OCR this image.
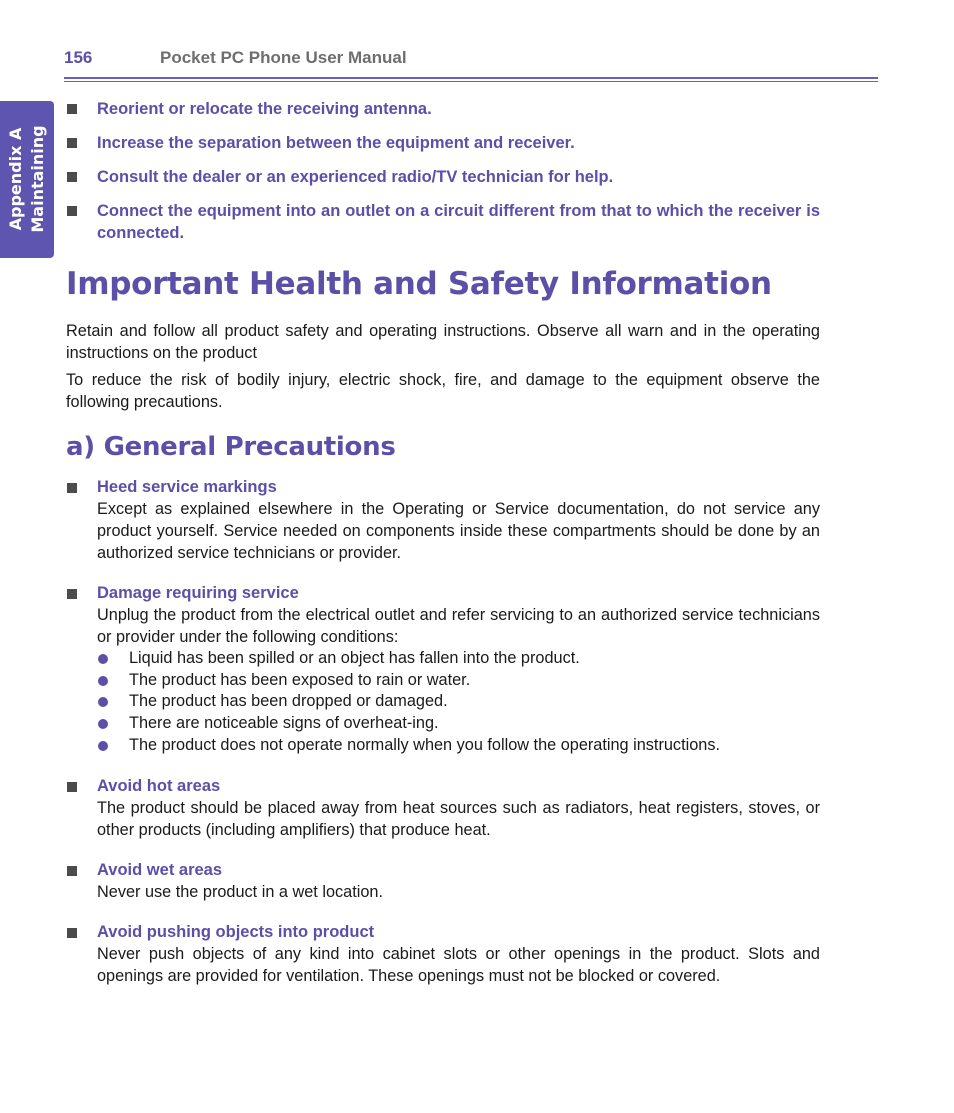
156	Pocket PC Phone User Manual
Appendix A Maintaining
Reorient or relocate the receiving antenna.
Increase the separation between the equipment and receiver.
Consult the dealer or an experienced radio/TV technician for help.
Connect the equipment into an outlet on a circuit different from that to which the receiver is connected.
Important Health and Safety Information

Retain and follow all product safety and operating instructions. Observe all warn and in the operating instructions on the product

To reduce the risk of bodily injury, electric shock, fire, and damage to the equipment observe the following precautions.

a) General Precautions
Heed service markings
Except as explained elsewhere in the Operating or Service documentation, do not service any product yourself. Service needed on components inside these compartments should be done by an authorized service technicians or provider.
Damage requiring service
Unplug the product from the electrical outlet and refer servicing to an authorized service technicians or provider under the following conditions:
Liquid has been spilled or an object has fallen into the product.
The product has been exposed to rain or water.
The product has been dropped or damaged.
There are noticeable signs of overheat-ing.
The product does not operate normally when you follow the operating instructions.
Avoid hot areas
The product should be placed away from heat sources such as radiators, heat registers, stoves, or other products (including amplifiers) that produce heat.
Avoid wet areas
Never use the product in a wet location.
Avoid pushing objects into product
Never push objects of any kind into cabinet slots or other openings in the product. Slots and openings are provided for ventilation. These openings must not be blocked or covered.
